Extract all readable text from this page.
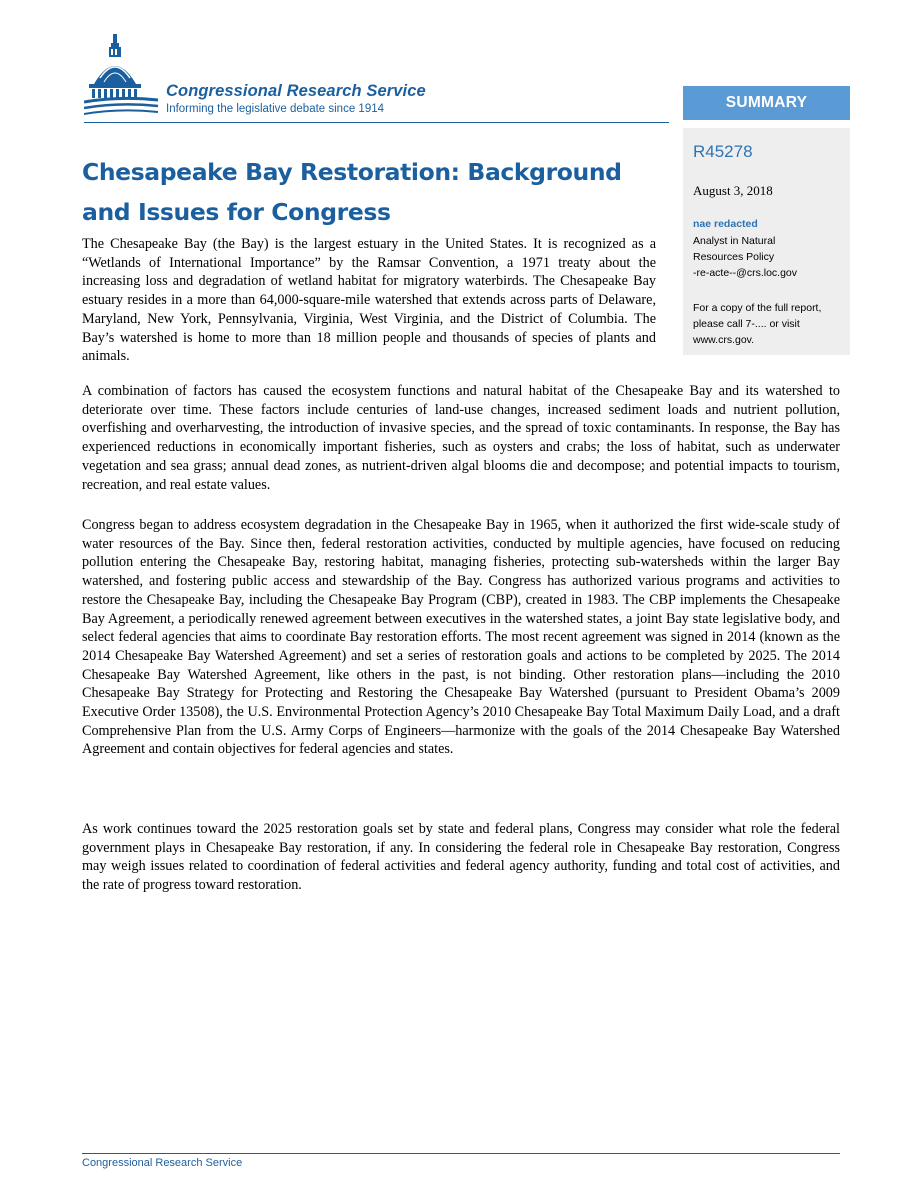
Congressional Research Service
Informing the legislative debate since 1914	SUMMARY
R45278
August 3, 2018
nae redacted
Analyst in Natural
Resources Policy
-re-acte--@crs.loc.gov
For a copy of the full report,
please call 7-.... or visit
www.crs.gov.
Chesapeake Bay Restoration: Background and Issues for Congress

The Chesapeake Bay (the Bay) is the largest estuary in the United States. It is recognized as a “Wetlands of International Importance” by the Ramsar Convention, a 1971 treaty about the increasing loss and degradation of wetland habitat for migratory waterbirds. The Chesapeake Bay estuary resides in a more than 64,000-square-mile watershed that extends across parts of Delaware, Maryland, New York, Pennsylvania, Virginia, West Virginia, and the District of Columbia. The Bay’s watershed is home to more than 18 million people and thousands of species of plants and animals.

A combination of factors has caused the ecosystem functions and natural habitat of the Chesapeake Bay and its watershed to deteriorate over time. These factors include centuries of land-use changes, increased sediment loads and nutrient pollution, overfishing and overharvesting, the introduction of invasive species, and the spread of toxic contaminants. In response, the Bay has experienced reductions in economically important fisheries, such as oysters and crabs; the loss of habitat, such as underwater vegetation and sea grass; annual dead zones, as nutrient-driven algal blooms die and decompose; and potential impacts to tourism, recreation, and real estate values.

Congress began to address ecosystem degradation in the Chesapeake Bay in 1965, when it authorized the first wide-scale study of water resources of the Bay. Since then, federal restoration activities, conducted by multiple agencies, have focused on reducing pollution entering the Chesapeake Bay, restoring habitat, managing fisheries, protecting sub-watersheds within the larger Bay watershed, and fostering public access and stewardship of the Bay. Congress has authorized various programs and activities to restore the Chesapeake Bay, including the Chesapeake Bay Program (CBP), created in 1983. The CBP implements the Chesapeake Bay Agreement, a periodically renewed agreement between executives in the watershed states, a joint Bay state legislative body, and select federal agencies that aims to coordinate Bay restoration efforts. The most recent agreement was signed in 2014 (known as the 2014 Chesapeake Bay Watershed Agreement) and set a series of restoration goals and actions to be completed by 2025. The 2014 Chesapeake Bay Watershed Agreement, like others in the past, is not binding. Other restoration plans—including the 2010 Chesapeake Bay Strategy for Protecting and Restoring the Chesapeake Bay Watershed (pursuant to President Obama’s 2009 Executive Order 13508), the U.S. Environmental Protection Agency’s 2010 Chesapeake Bay Total Maximum Daily Load, and a draft Comprehensive Plan from the U.S. Army Corps of Engineers—harmonize with the goals of the 2014 Chesapeake Bay Watershed Agreement and contain objectives for federal agencies and states.

As work continues toward the 2025 restoration goals set by state and federal plans, Congress may consider what role the federal government plays in Chesapeake Bay restoration, if any. In considering the federal role in Chesapeake Bay restoration, Congress may weigh issues related to coordination of federal activities and federal agency authority, funding and total cost of activities, and the rate of progress toward restoration.

Congressional Research Service
